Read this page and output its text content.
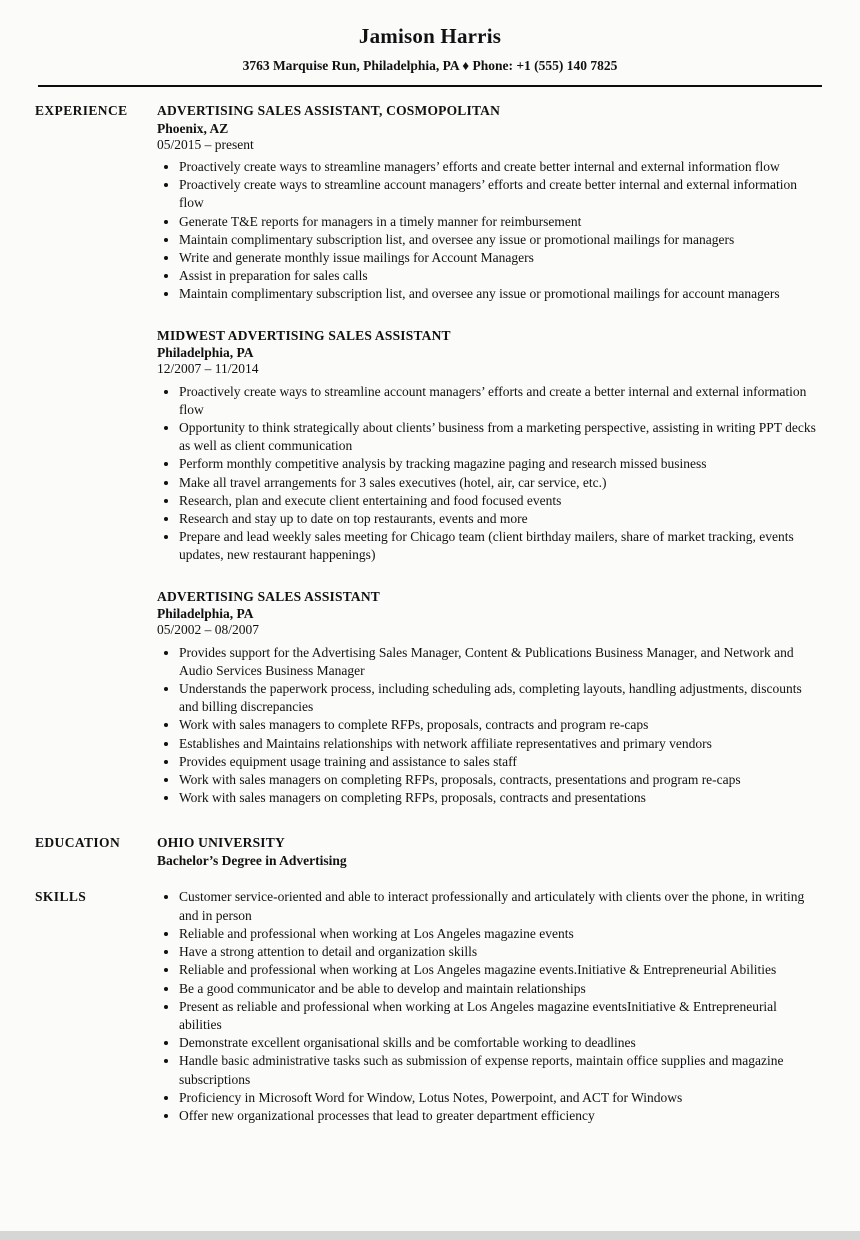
Jamison Harris
3763 Marquise Run, Philadelphia, PA ♦ Phone: +1 (555) 140 7825
EXPERIENCE	ADVERTISING SALES ASSISTANT, COSMOPOLITAN
Phoenix, AZ
05/2015 – present
• Proactively create ways to streamline managers’ efforts and create better internal and external information flow
• Proactively create ways to streamline account managers’ efforts and create better internal and external information flow
• Generate T&E reports for managers in a timely manner for reimbursement
• Maintain complimentary subscription list, and oversee any issue or promotional mailings for managers
• Write and generate monthly issue mailings for Account Managers
• Assist in preparation for sales calls
• Maintain complimentary subscription list, and oversee any issue or promotional mailings for account managers
MIDWEST ADVERTISING SALES ASSISTANT
Philadelphia, PA
12/2007 – 11/2014
• Proactively create ways to streamline account managers’ efforts and create a better internal and external information flow
• Opportunity to think strategically about clients’ business from a marketing perspective, assisting in writing PPT decks as well as client communication
• Perform monthly competitive analysis by tracking magazine paging and research missed business
• Make all travel arrangements for 3 sales executives (hotel, air, car service, etc.)
• Research, plan and execute client entertaining and food focused events
• Research and stay up to date on top restaurants, events and more
• Prepare and lead weekly sales meeting for Chicago team (client birthday mailers, share of market tracking, events updates, new restaurant happenings)
ADVERTISING SALES ASSISTANT
Philadelphia, PA
05/2002 – 08/2007
• Provides support for the Advertising Sales Manager, Content & Publications Business Manager, and Network and Audio Services Business Manager
• Understands the paperwork process, including scheduling ads, completing layouts, handling adjustments, discounts and billing discrepancies
• Work with sales managers to complete RFPs, proposals, contracts and program re-caps
• Establishes and Maintains relationships with network affiliate representatives and primary vendors
• Provides equipment usage training and assistance to sales staff
• Work with sales managers on completing RFPs, proposals, contracts, presentations and program re-caps
• Work with sales managers on completing RFPs, proposals, contracts and presentations
EDUCATION	OHIO UNIVERSITY
Bachelor’s Degree in Advertising
SKILLS	• Customer service-oriented and able to interact professionally and articulately with clients over the phone, in writing and in person
• Reliable and professional when working at Los Angeles magazine events
• Have a strong attention to detail and organization skills
• Reliable and professional when working at Los Angeles magazine events.Initiative & Entrepreneurial Abilities
• Be a good communicator and be able to develop and maintain relationships
• Present as reliable and professional when working at Los Angeles magazine eventsInitiative & Entrepreneurial abilities
• Demonstrate excellent organisational skills and be comfortable working to deadlines
• Handle basic administrative tasks such as submission of expense reports, maintain office supplies and magazine subscriptions
• Proficiency in Microsoft Word for Window, Lotus Notes, Powerpoint, and ACT for Windows
• Offer new organizational processes that lead to greater department efficiency
